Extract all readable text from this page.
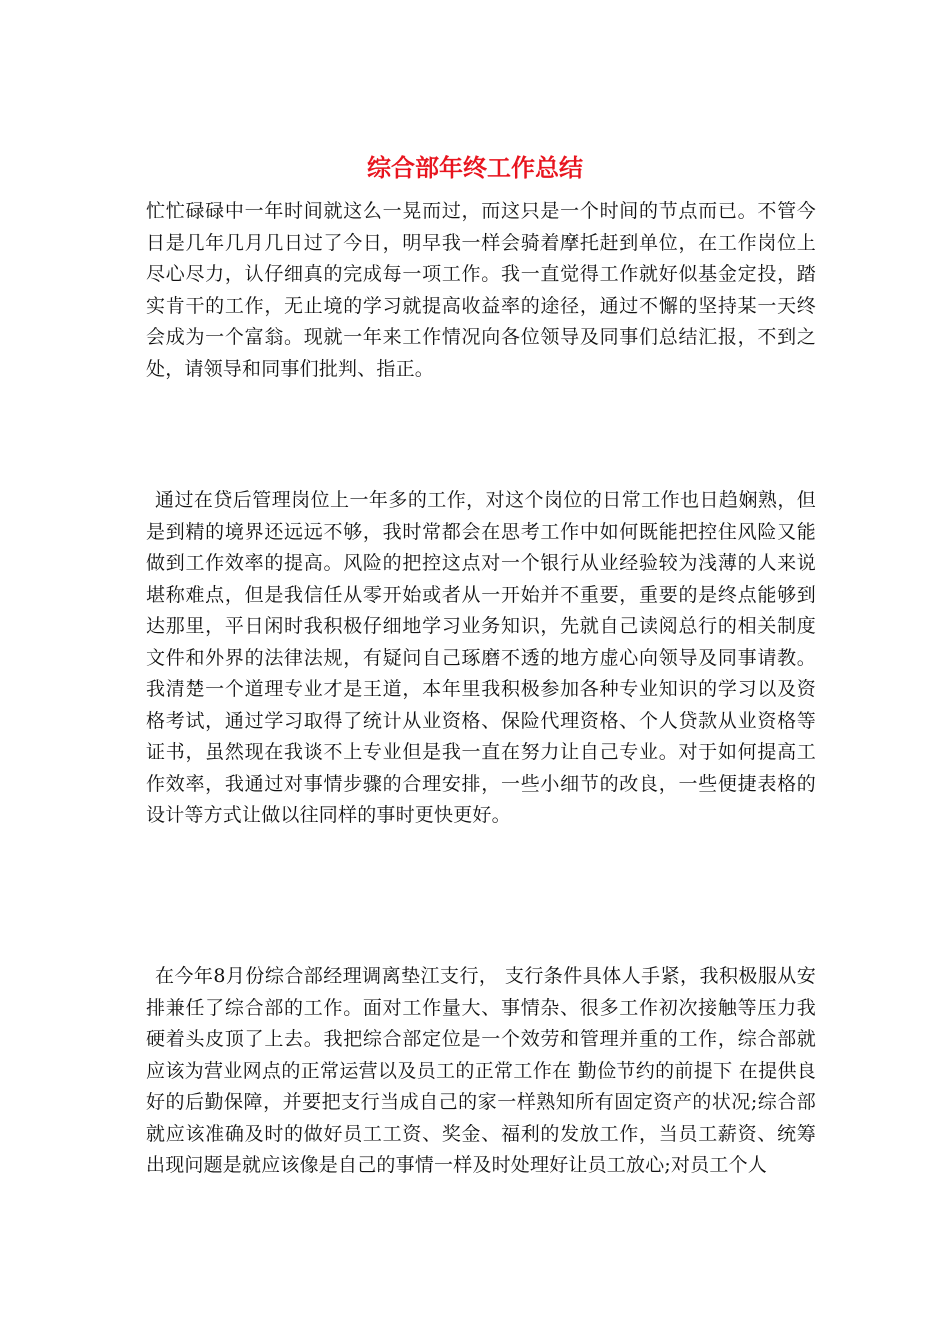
综合部年终工作总结

忙忙碌碌中一年时间就这么一晃而过，而这只是一个时间的节点而已。不管今日是几年几月几日过了今日，明早我一样会骑着摩托赶到单位，在工作岗位上尽心尽力，认仔细真的完成每一项工作。我一直觉得工作就好似基金定投，踏实肯干的工作，无止境的学习就提高收益率的途径，通过不懈的坚持某一天终会成为一个富翁。现就一年来工作情况向各位领导及同事们总结汇报，不到之处，请领导和同事们批判、指正。

通过在贷后管理岗位上一年多的工作，对这个岗位的日常工作也日趋娴熟，但是到精的境界还远远不够，我时常都会在思考工作中如何既能把控住风险又能做到工作效率的提高。风险的把控这点对一个银行从业经验较为浅薄的人来说堪称难点，但是我信任从零开始或者从一开始并不重要，重要的是终点能够到达那里，平日闲时我积极仔细地学习业务知识，先就自己读阅总行的相关制度文件和外界的法律法规，有疑问自己琢磨不透的地方虚心向领导及同事请教。我清楚一个道理专业才是王道，本年里我积极参加各种专业知识的学习以及资格考试，通过学习取得了统计从业资格、保险代理资格、个人贷款从业资格等证书，虽然现在我谈不上专业但是我一直在努力让自己专业。对于如何提高工作效率，我通过对事情步骤的合理安排，一些小细节的改良，一些便捷表格的设计等方式让做以往同样的事时更快更好。

在今年8月份综合部经理调离垫江支行， 支行条件具体人手紧，我积极服从安排兼任了综合部的工作。面对工作量大、事情杂、很多工作初次接触等压力我硬着头皮顶了上去。我把综合部定位是一个效劳和管理并重的工作，综合部就应该为营业网点的正常运营以及员工的正常工作在 勤俭节约的前提下 在提供良好的后勤保障，并要把支行当成自己的家一样熟知所有固定资产的状况;综合部就应该准确及时的做好员工工资、奖金、福利的发放工作，当员工薪资、统筹出现问题是就应该像是自己的事情一样及时处理好让员工放心;对员工个人
